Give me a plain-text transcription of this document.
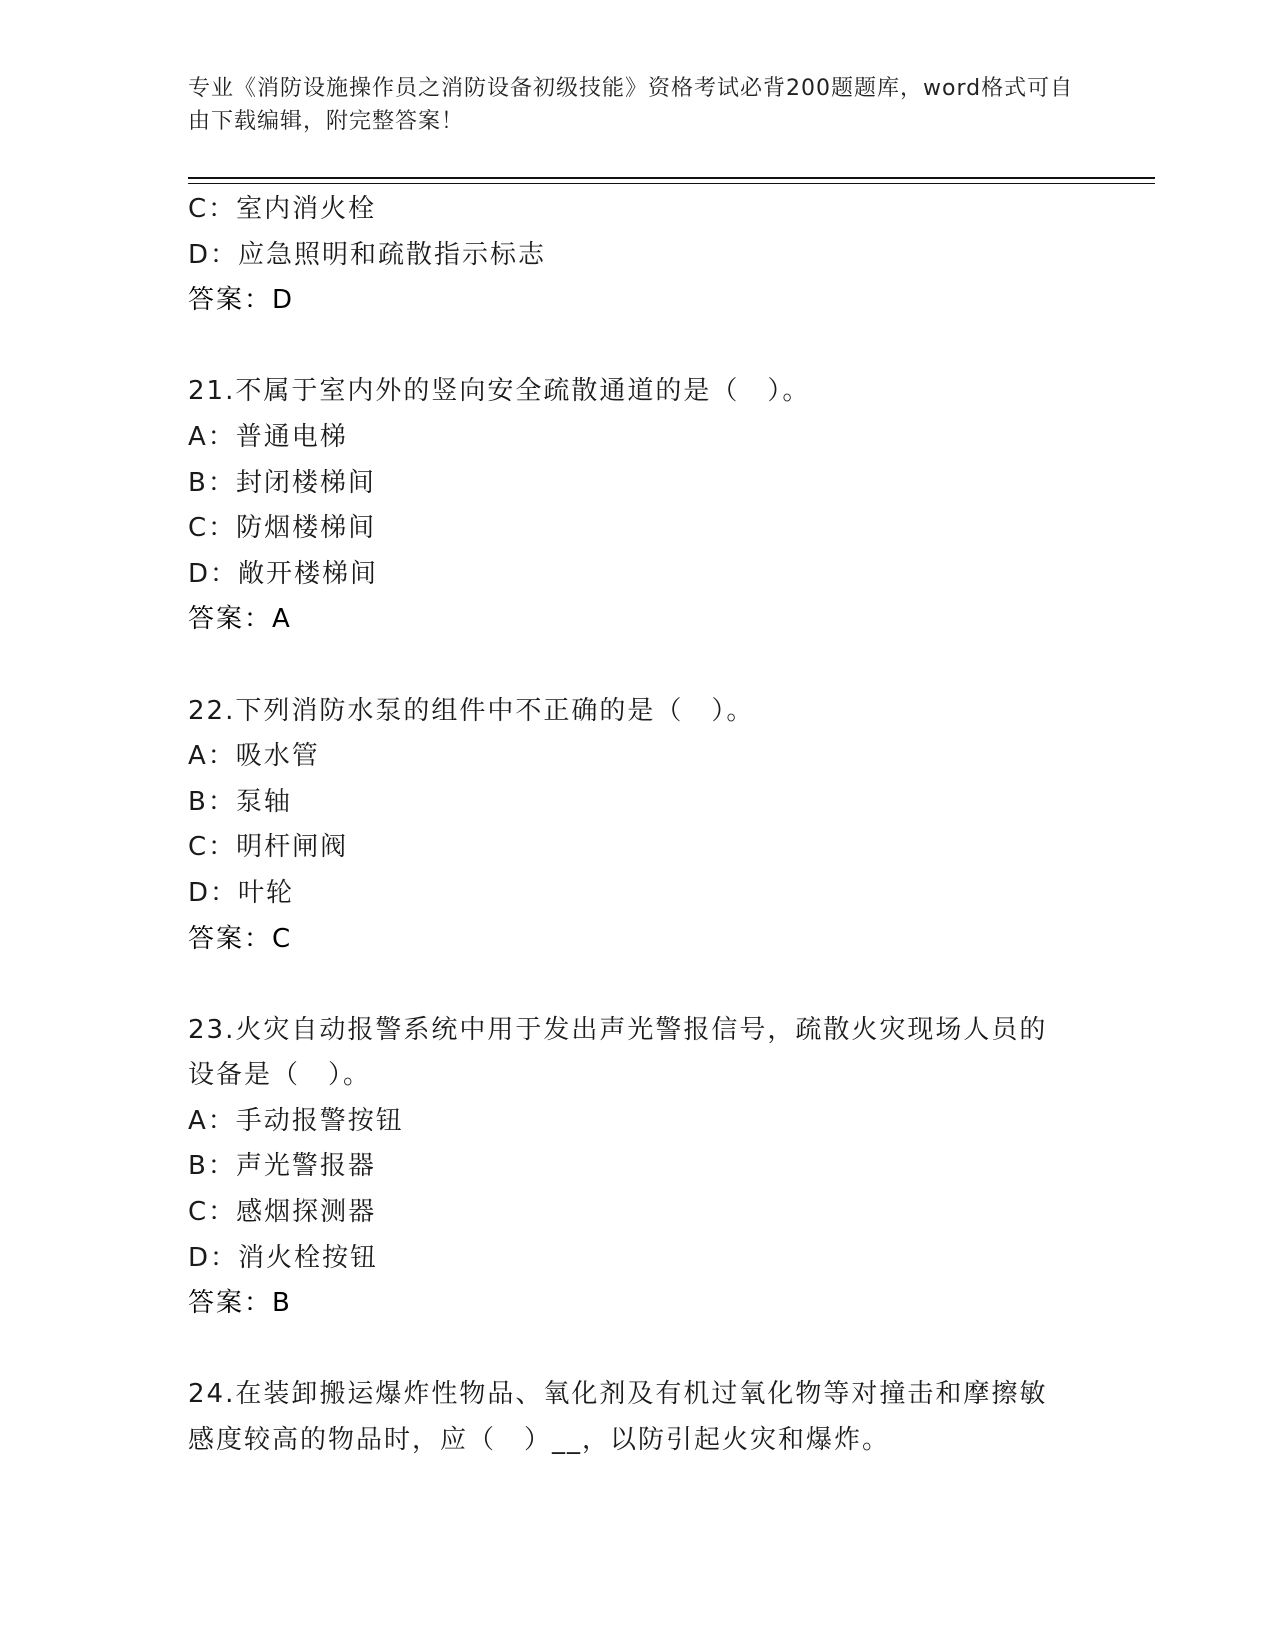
专业《消防设施操作员之消防设备初级技能》资格考试必背200题题库，word格式可自由下载编辑，附完整答案！
C：室内消火栓
D：应急照明和疏散指示标志
答案：D
21.不属于室内外的竖向安全疏散通道的是（　）。
A：普通电梯
B：封闭楼梯间
C：防烟楼梯间
D：敞开楼梯间
答案：A
22.下列消防水泵的组件中不正确的是（　）。
A：吸水管
B：泵轴
C：明杆闸阀
D：叶轮
答案：C
23.火灾自动报警系统中用于发出声光警报信号，疏散火灾现场人员的
设备是（　）。
A：手动报警按钮
B：声光警报器
C：感烟探测器
D：消火栓按钮
答案：B
24.在装卸搬运爆炸性物品、氧化剂及有机过氧化物等对撞击和摩擦敏
感度较高的物品时，应（　）__，以防引起火灾和爆炸。
